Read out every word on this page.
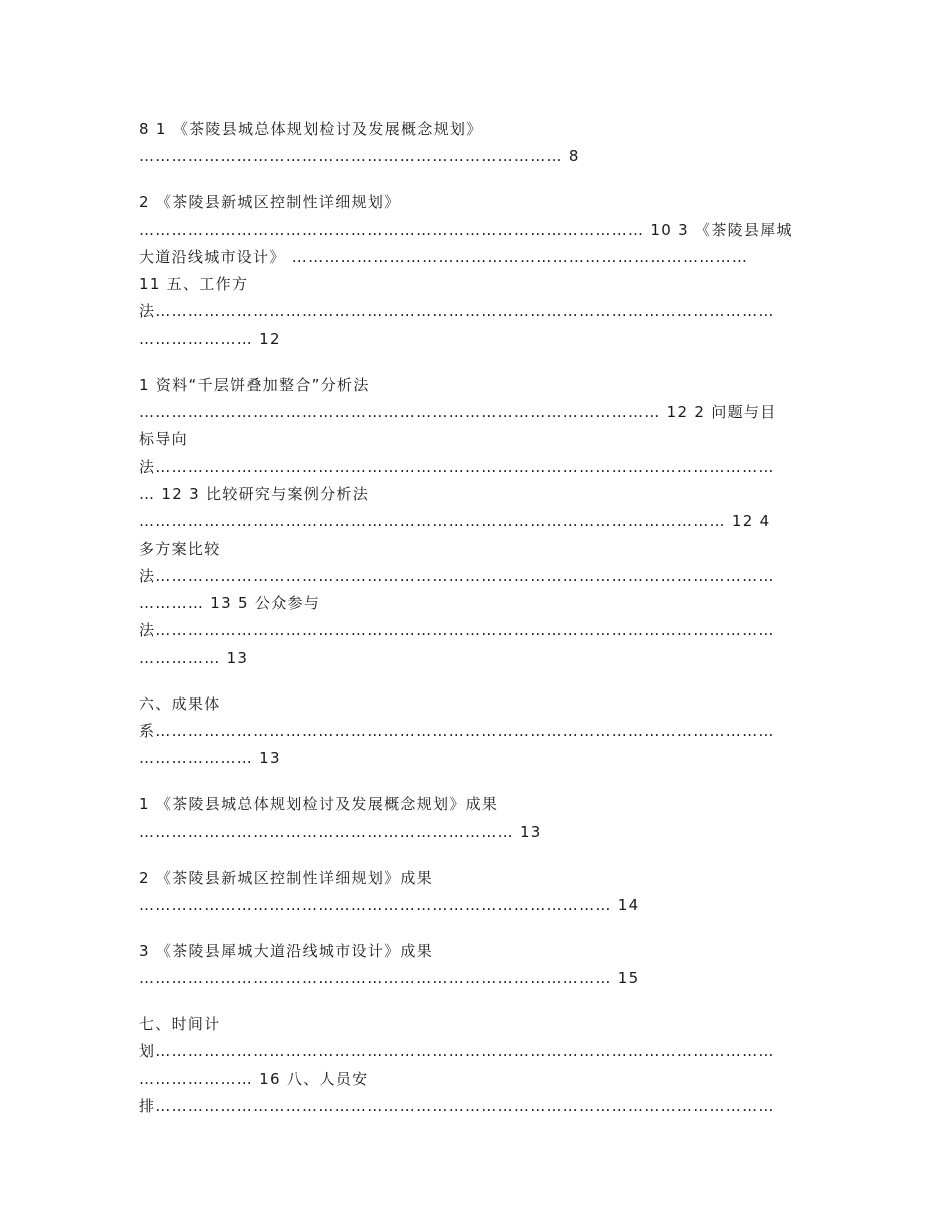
8 1 《茶陵县城总体规划检讨及发展概念规划》
…………………………………………………………………… 8
2 《茶陵县新城区控制性详细规划》
………………………………………………………………………………… 10 3 《茶陵县犀城
大道沿线城市设计》 …………………………………………………………………………
11 五、工作方
法……………………………………………………………………………………………………
………………… 12
1 资料“千层饼叠加整合”分析法
…………………………………………………………………………………… 12 2 问题与目
标导向
法……………………………………………………………………………………………………
… 12 3 比较研究与案例分析法
……………………………………………………………………………………………… 12 4
多方案比较
法……………………………………………………………………………………………………
………… 13 5 公众参与
法……………………………………………………………………………………………………
…………… 13
六、成果体
系……………………………………………………………………………………………………
………………… 13
1 《茶陵县城总体规划检讨及发展概念规划》成果
…………………………………………………………… 13
2 《茶陵县新城区控制性详细规划》成果
…………………………………………………………………………… 14
3 《茶陵县犀城大道沿线城市设计》成果
…………………………………………………………………………… 15
七、时间计
划……………………………………………………………………………………………………
………………… 16 八、人员安
排……………………………………………………………………………………………………
